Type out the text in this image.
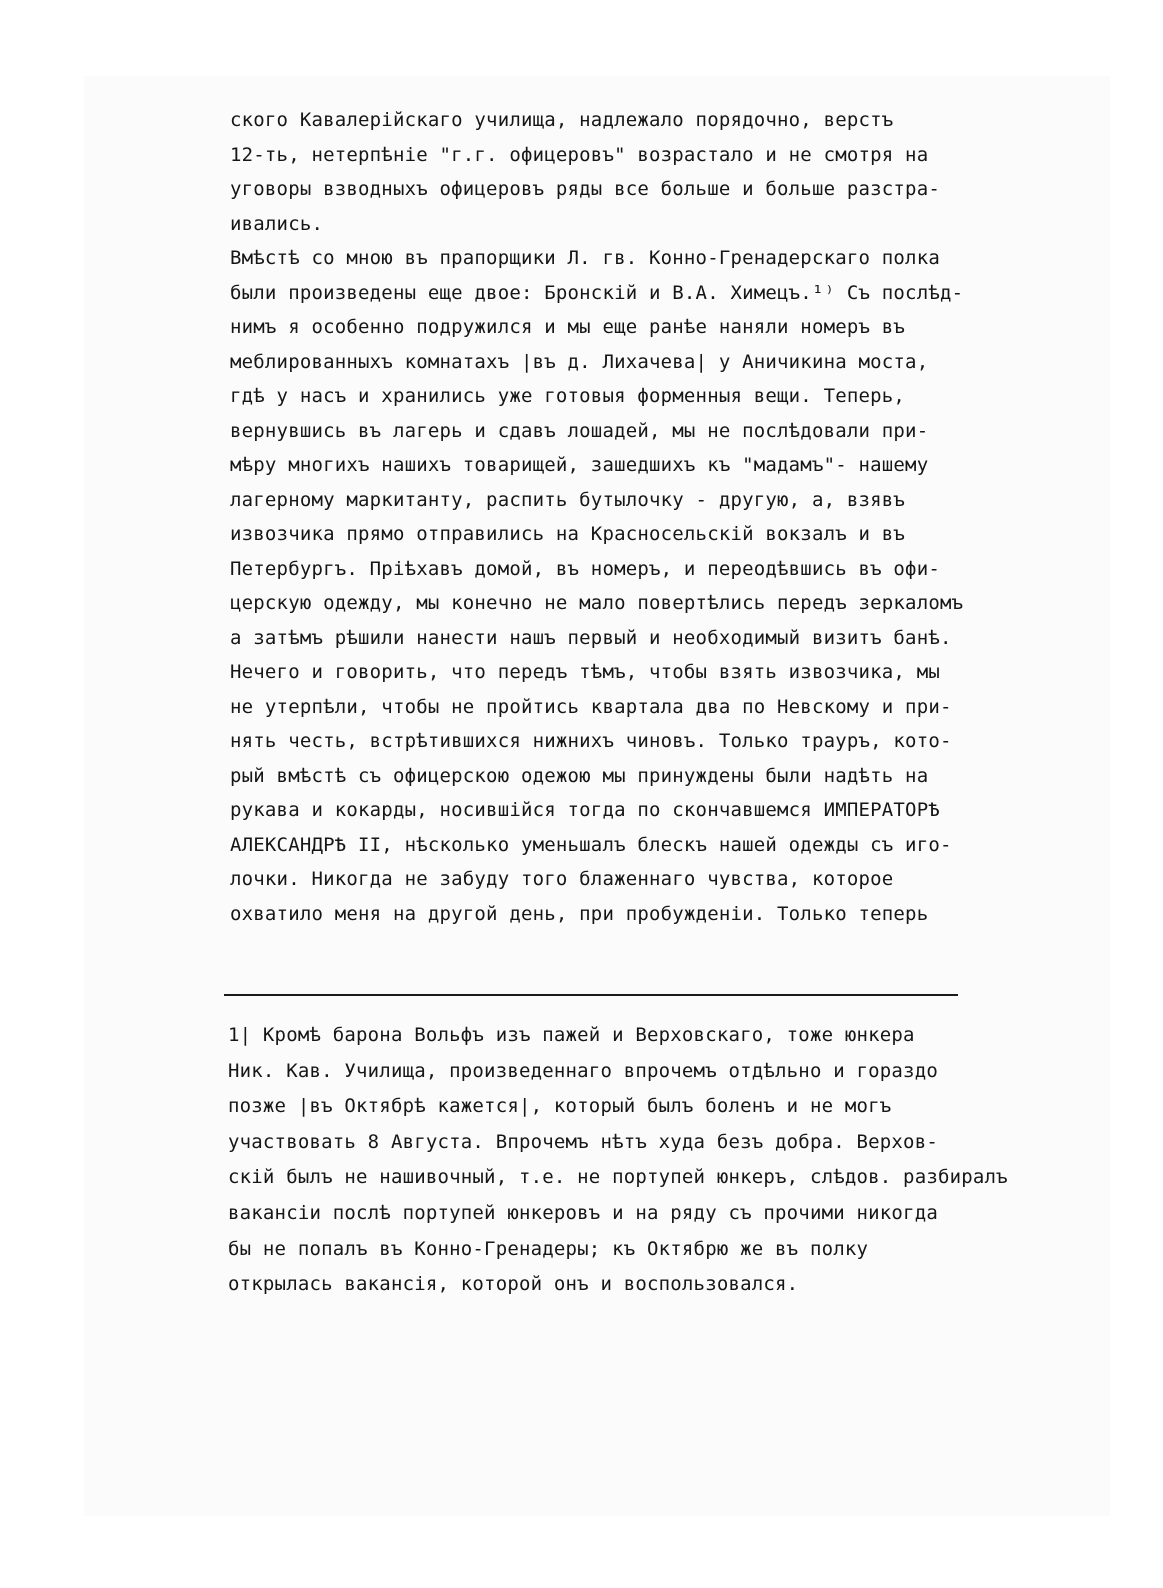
ского Кавалерiйскаго училища, надлежало порядочно, верстъ
12-ть, нетерпѣнiе "г.г. офицеровъ" возрастало и не смотря на
уговоры взводныхъ офицеровъ ряды все больше и больше разстра-
ивались.
Вмѣстѣ со мною въ прапорщики Л. гв. Конно-Гренадерскаго полка
были произведены еще двое: Бронскiй и В.А. Химецъ.¹⁾ Съ послѣд-
нимъ я особенно подружился и мы еще ранѣе наняли номеръ въ
меблированныхъ комнатахъ |въ д. Лихачева| у Аничикина моста,
гдѣ у насъ и хранились уже готовыя форменныя вещи. Теперь,
вернувшись въ лагерь и сдавъ лошадей, мы не послѣдовали при-
мѣру многихъ нашихъ товарищей, зашедшихъ къ "мадамъ"- нашему
лагерному маркитанту, распить бутылочку - другую, а, взявъ
извозчика прямо отправились на Красносельскiй вокзалъ и въ
Петербургъ. Прiѣхавъ домой, въ номеръ, и переодѣвшись въ офи-
церскую одежду, мы конечно не мало повертѣлись передъ зеркаломъ
а затѣмъ рѣшили нанести нашъ первый и необходимый визитъ банѣ.
Нечего и говорить, что передъ тѣмъ, чтобы взять извозчика, мы
не утерпѣли, чтобы не пройтись квартала два по Невскому и при-
нять честь, встрѣтившихся нижнихъ чиновъ. Только трауръ, кото-
рый вмѣстѣ съ офицерскою одежою мы принуждены были надѣть на
рукава и кокарды, носившiйся тогда по скончавшемся ИМПЕРАТОРѢ
АЛЕКСАНДРѢ II, нѣсколько уменьшалъ блескъ нашей одежды съ иго-
лочки. Никогда не забуду того блаженнаго чувства, которое
охватило меня на другой день, при пробужденiи. Только теперь
1| Кромѣ барона Вольфъ изъ пажей и Верховскаго, тоже юнкера
Ник. Кав. Училища, произведеннаго впрочемъ отдѣльно и гораздо
позже |въ Октябрѣ кажется|, который былъ боленъ и не могъ
участвовать 8 Августа. Впрочемъ нѣтъ худа безъ добра. Верхов-
скiй былъ не нашивочный, т.е. не портупей юнкеръ, слѣдов. разбиралъ
вакансiи послѣ портупей юнкеровъ и на ряду съ прочими никогда
бы не попалъ въ Конно-Гренадеры; къ Октябрю же въ полку
открылась вакансiя, которой онъ и воспользовался.
